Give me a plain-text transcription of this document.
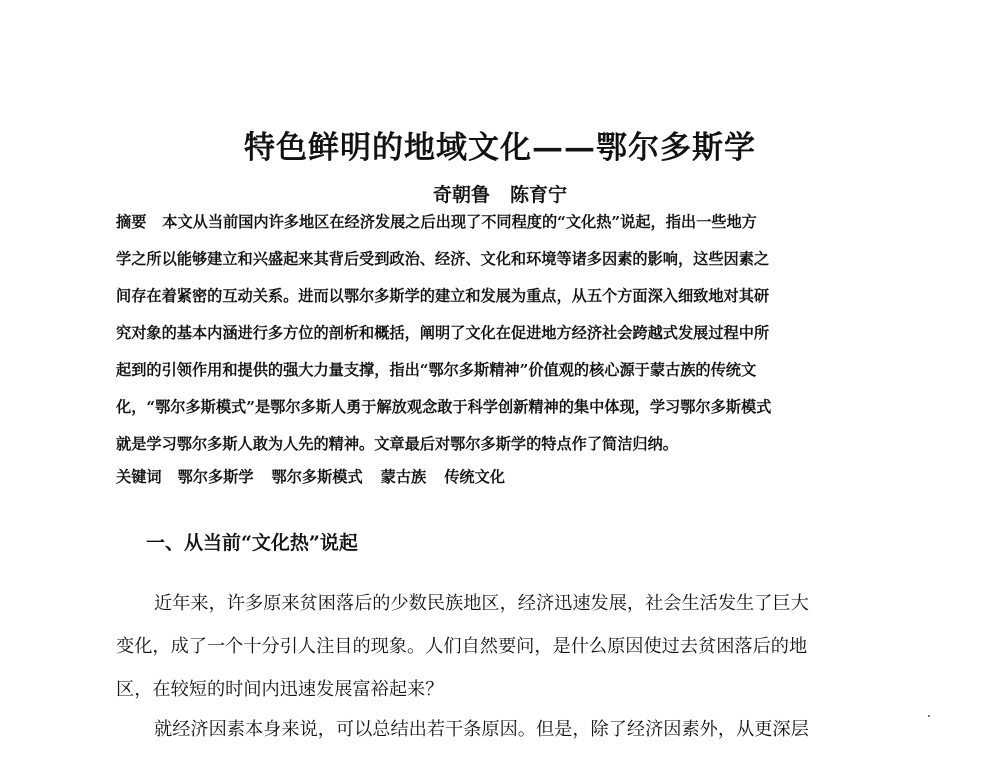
特色鲜明的地域文化——鄂尔多斯学
奇朝鲁 陈育宁
摘要 本文从当前国内许多地区在经济发展之后出现了不同程度的“文化热”说起，指出一些地方
学之所以能够建立和兴盛起来其背后受到政治、经济、文化和环境等诸多因素的影响，这些因素之
间存在着紧密的互动关系。进而以鄂尔多斯学的建立和发展为重点，从五个方面深入细致地对其研
究对象的基本内涵进行多方位的剖析和概括，阐明了文化在促进地方经济社会跨越式发展过程中所
起到的引领作用和提供的强大力量支撑，指出“鄂尔多斯精神”价值观的核心源于蒙古族的传统文
化，“鄂尔多斯模式”是鄂尔多斯人勇于解放观念敢于科学创新精神的集中体现，学习鄂尔多斯模式
就是学习鄂尔多斯人敢为人先的精神。文章最后对鄂尔多斯学的特点作了简洁归纳。
关键词 鄂尔多斯学 鄂尔多斯模式 蒙古族 传统文化
一、从当前“文化热”说起
近年来，许多原来贫困落后的少数民族地区，经济迅速发展，社会生活发生了巨大
变化，成了一个十分引人注目的现象。人们自然要问，是什么原因使过去贫困落后的地
区，在较短的时间内迅速发展富裕起来？
就经济因素本身来说，可以总结出若干条原因。但是，除了经济因素外，从更深层
